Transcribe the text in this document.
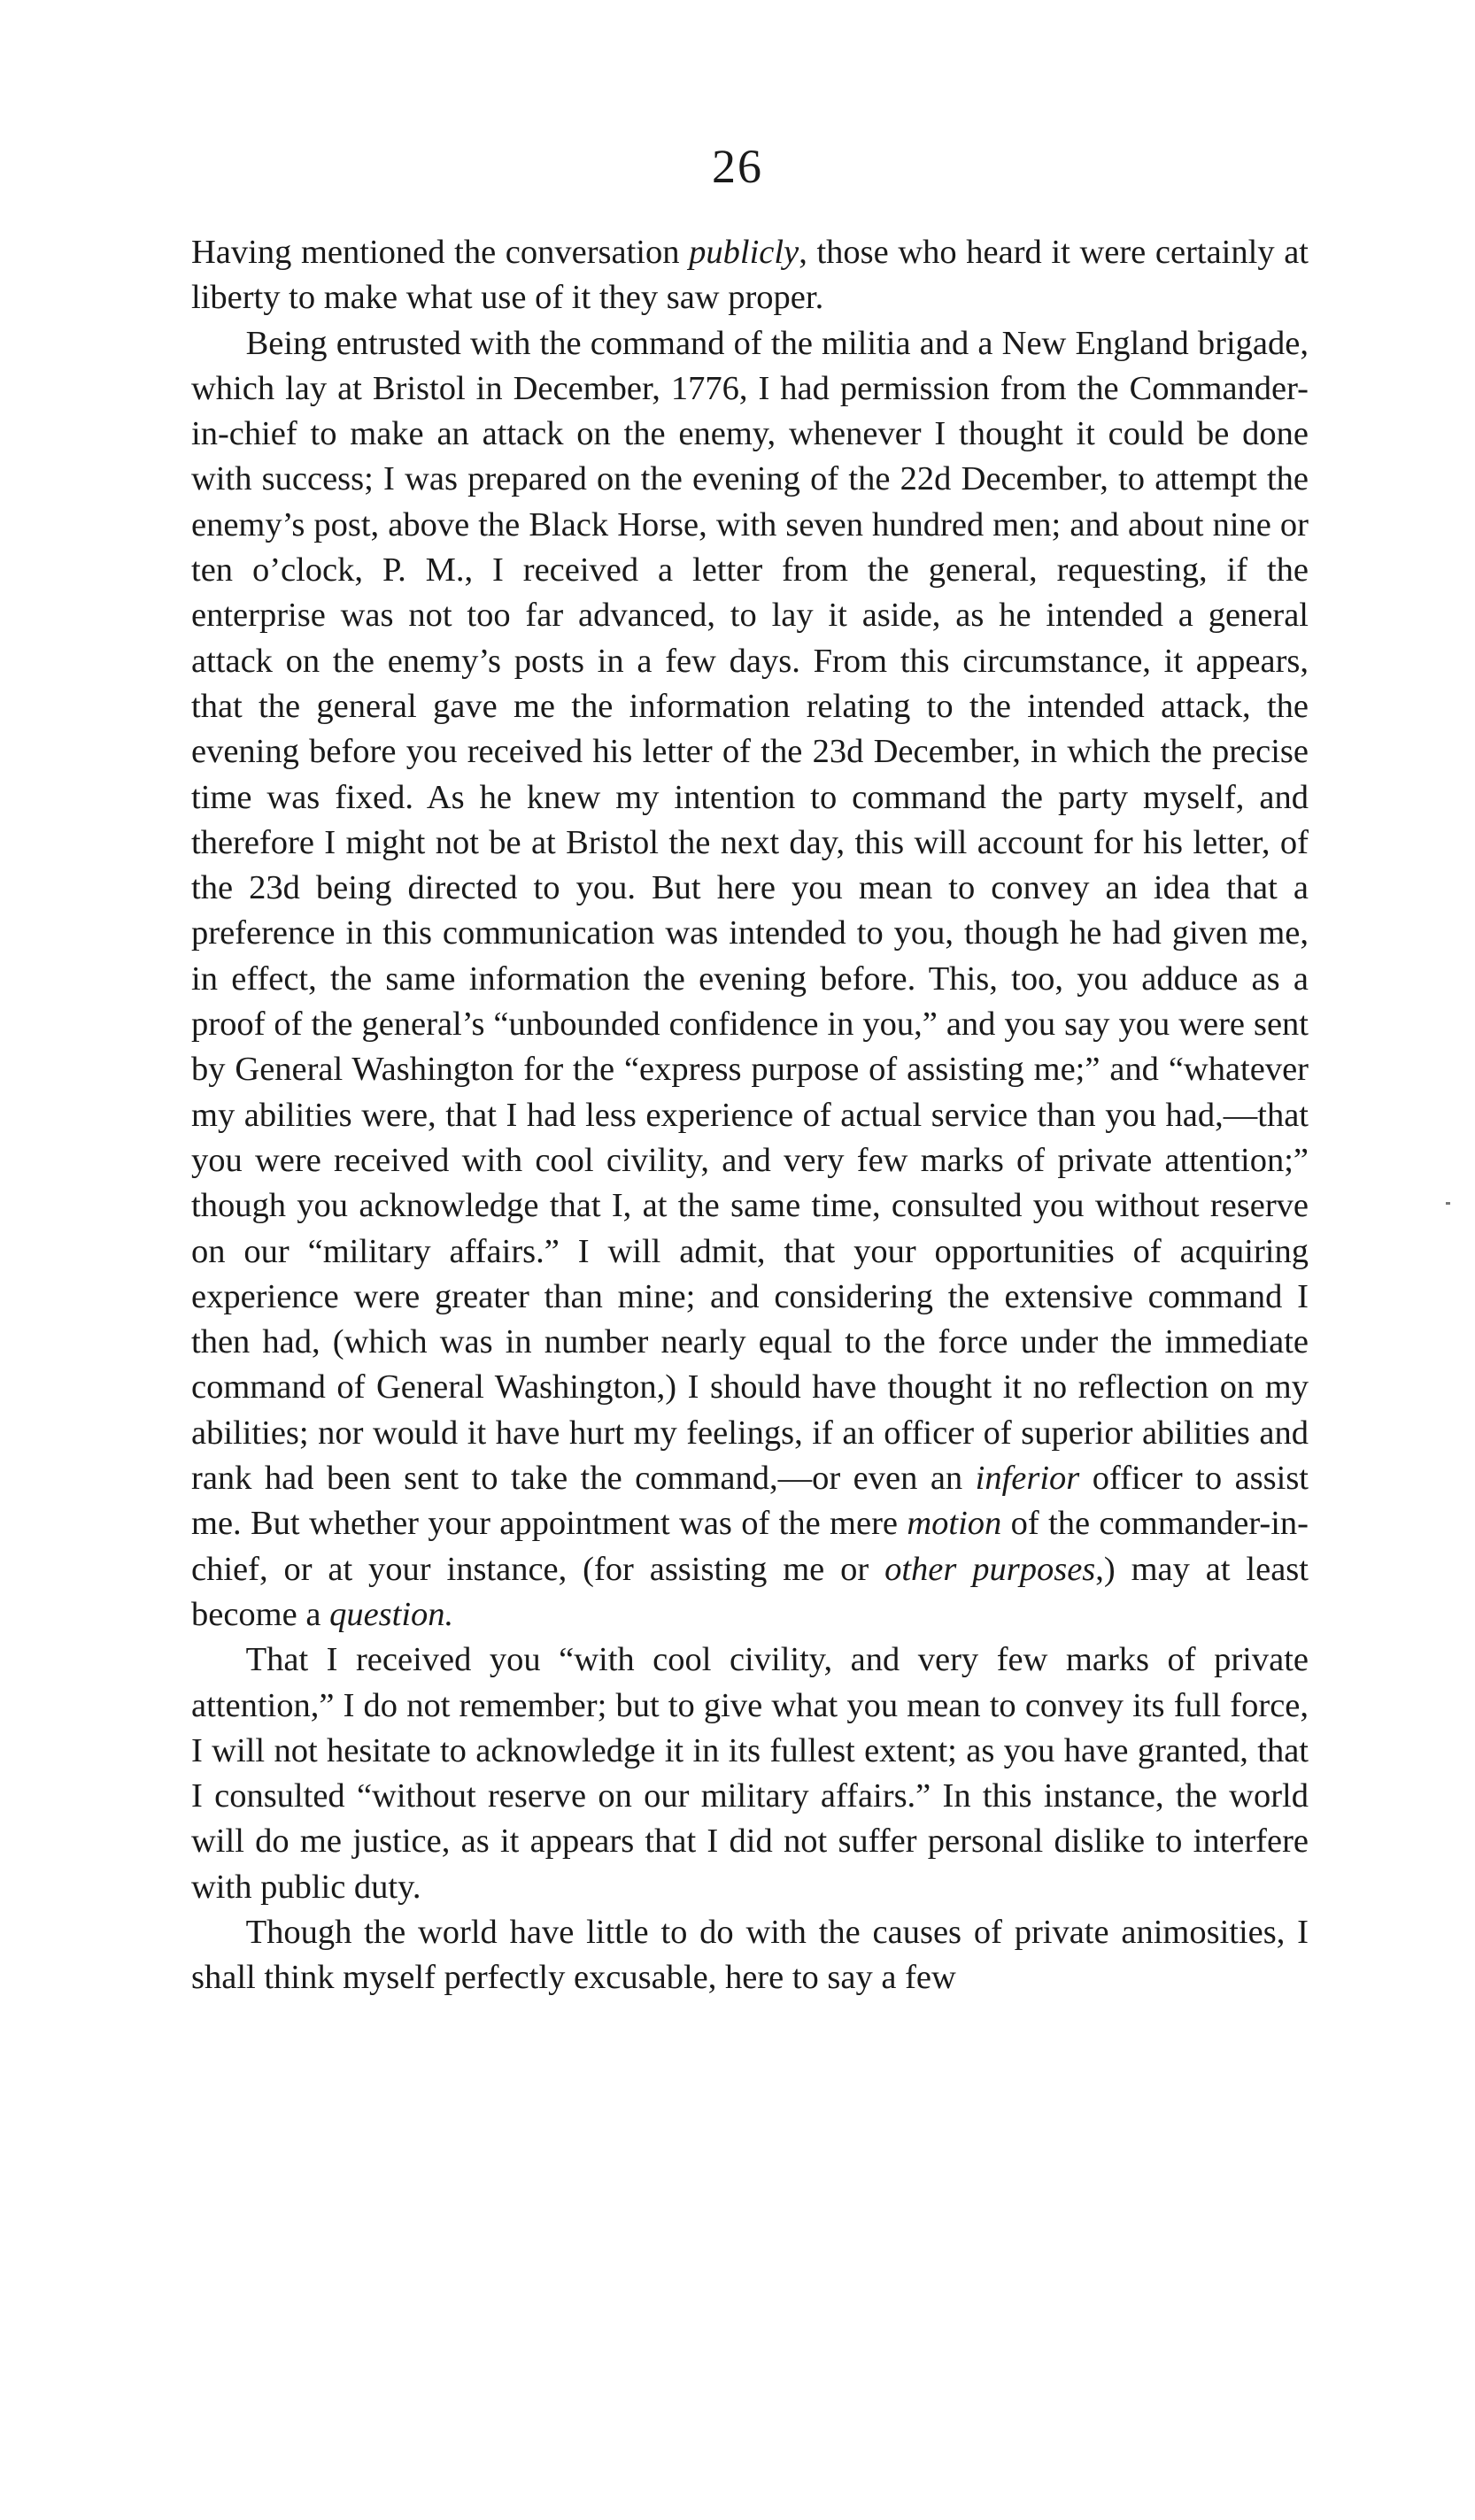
26

Having mentioned the conversation publicly, those who heard it were certainly at liberty to make what use of it they saw proper.

Being entrusted with the command of the militia and a New England brigade, which lay at Bristol in December, 1776, I had permission from the Commander-in-chief to make an attack on the enemy, whenever I thought it could be done with success; I was prepared on the evening of the 22d December, to attempt the enemy’s post, above the Black Horse, with seven hundred men; and about nine or ten o’clock, P. M., I received a letter from the general, requesting, if the enterprise was not too far advanced, to lay it aside, as he intended a general attack on the enemy’s posts in a few days. From this circumstance, it appears, that the general gave me the information relating to the intended attack, the evening before you received his letter of the 23d December, in which the precise time was fixed. As he knew my intention to command the party myself, and therefore I might not be at Bristol the next day, this will account for his letter, of the 23d being directed to you. But here you mean to convey an idea that a preference in this communication was intended to you, though he had given me, in effect, the same information the evening before. This, too, you adduce as a proof of the general’s “unbounded confidence in you,” and you say you were sent by General Washington for the “express purpose of assisting me;” and “whatever my abilities were, that I had less experience of actual service than you had,—that you were received with cool civility, and very few marks of private attention;” though you acknowledge that I, at the same time, consulted you without reserve on our “military affairs.” I will admit, that your opportunities of acquiring experience were greater than mine; and considering the extensive command I then had, (which was in number nearly equal to the force under the immediate command of General Washington,) I should have thought it no reflection on my abilities; nor would it have hurt my feelings, if an officer of superior abilities and rank had been sent to take the command,—or even an inferior officer to assist me. But whether your appointment was of the mere motion of the commander-in-chief, or at your instance, (for assisting me or other purposes,) may at least become a question.

That I received you “with cool civility, and very few marks of private attention,” I do not remember; but to give what you mean to convey its full force, I will not hesitate to acknowledge it in its fullest extent; as you have granted, that I consulted “without reserve on our military affairs.” In this instance, the world will do me justice, as it appears that I did not suffer personal dislike to interfere with public duty.

Though the world have little to do with the causes of private animosities, I shall think myself perfectly excusable, here to say a few
